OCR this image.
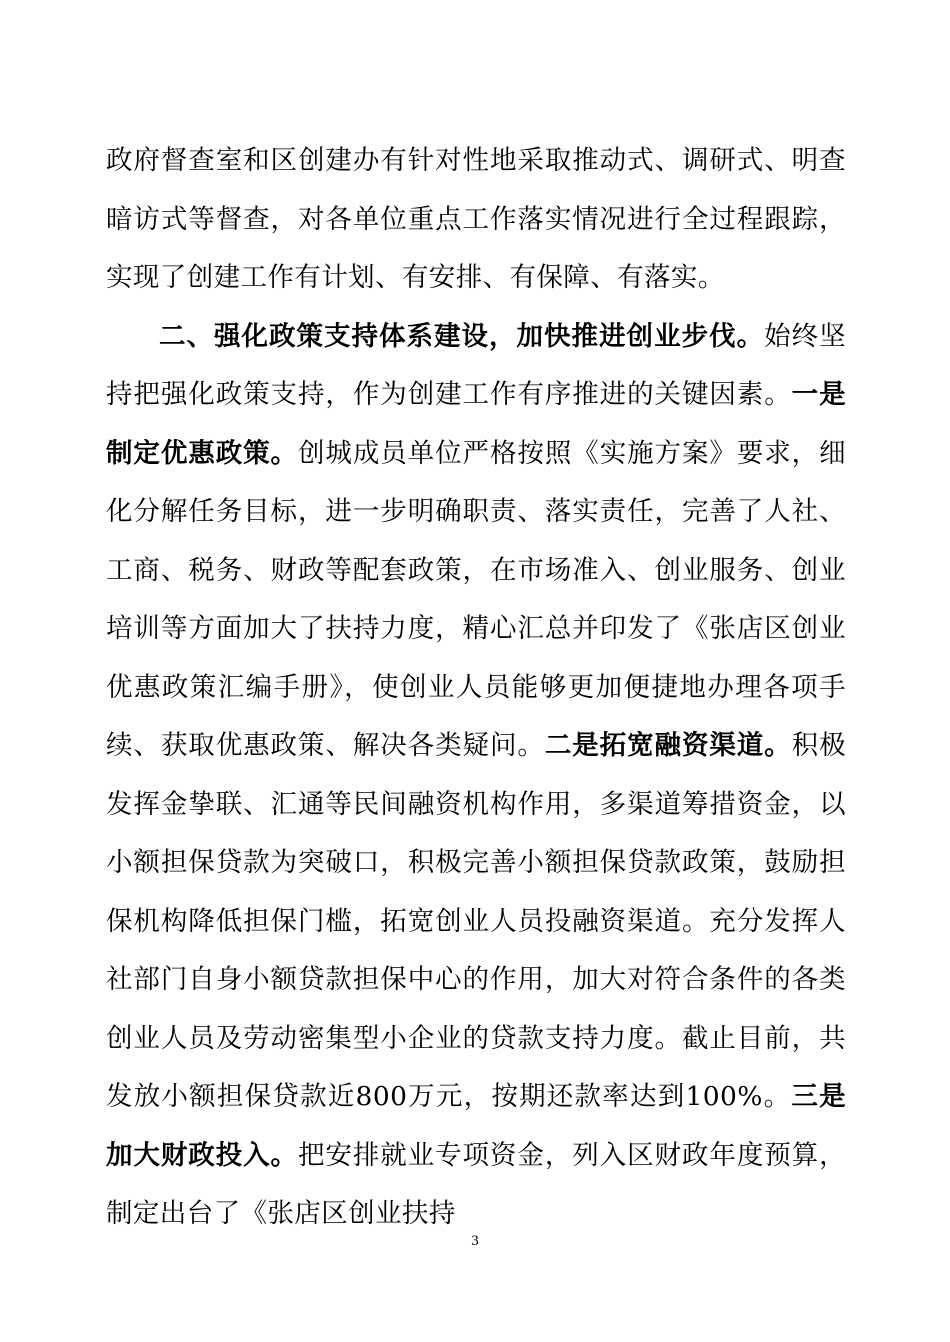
政府督查室和区创建办有针对性地采取推动式、调研式、明查暗访式等督查，对各单位重点工作落实情况进行全过程跟踪，实现了创建工作有计划、有安排、有保障、有落实。

二、强化政策支持体系建设，加快推进创业步伐。始终坚持把强化政策支持，作为创建工作有序推进的关键因素。一是制定优惠政策。创城成员单位严格按照《实施方案》要求，细化分解任务目标，进一步明确职责、落实责任，完善了人社、工商、税务、财政等配套政策，在市场准入、创业服务、创业培训等方面加大了扶持力度，精心汇总并印发了《张店区创业优惠政策汇编手册》，使创业人员能够更加便捷地办理各项手续、获取优惠政策、解决各类疑问。二是拓宽融资渠道。积极发挥金挚联、汇通等民间融资机构作用，多渠道筹措资金，以小额担保贷款为突破口，积极完善小额担保贷款政策，鼓励担保机构降低担保门槛，拓宽创业人员投融资渠道。充分发挥人社部门自身小额贷款担保中心的作用，加大对符合条件的各类创业人员及劳动密集型小企业的贷款支持力度。截止目前，共发放小额担保贷款近800万元，按期还款率达到100%。三是加大财政投入。把安排就业专项资金，列入区财政年度预算，制定出台了《张店区创业扶持

3
